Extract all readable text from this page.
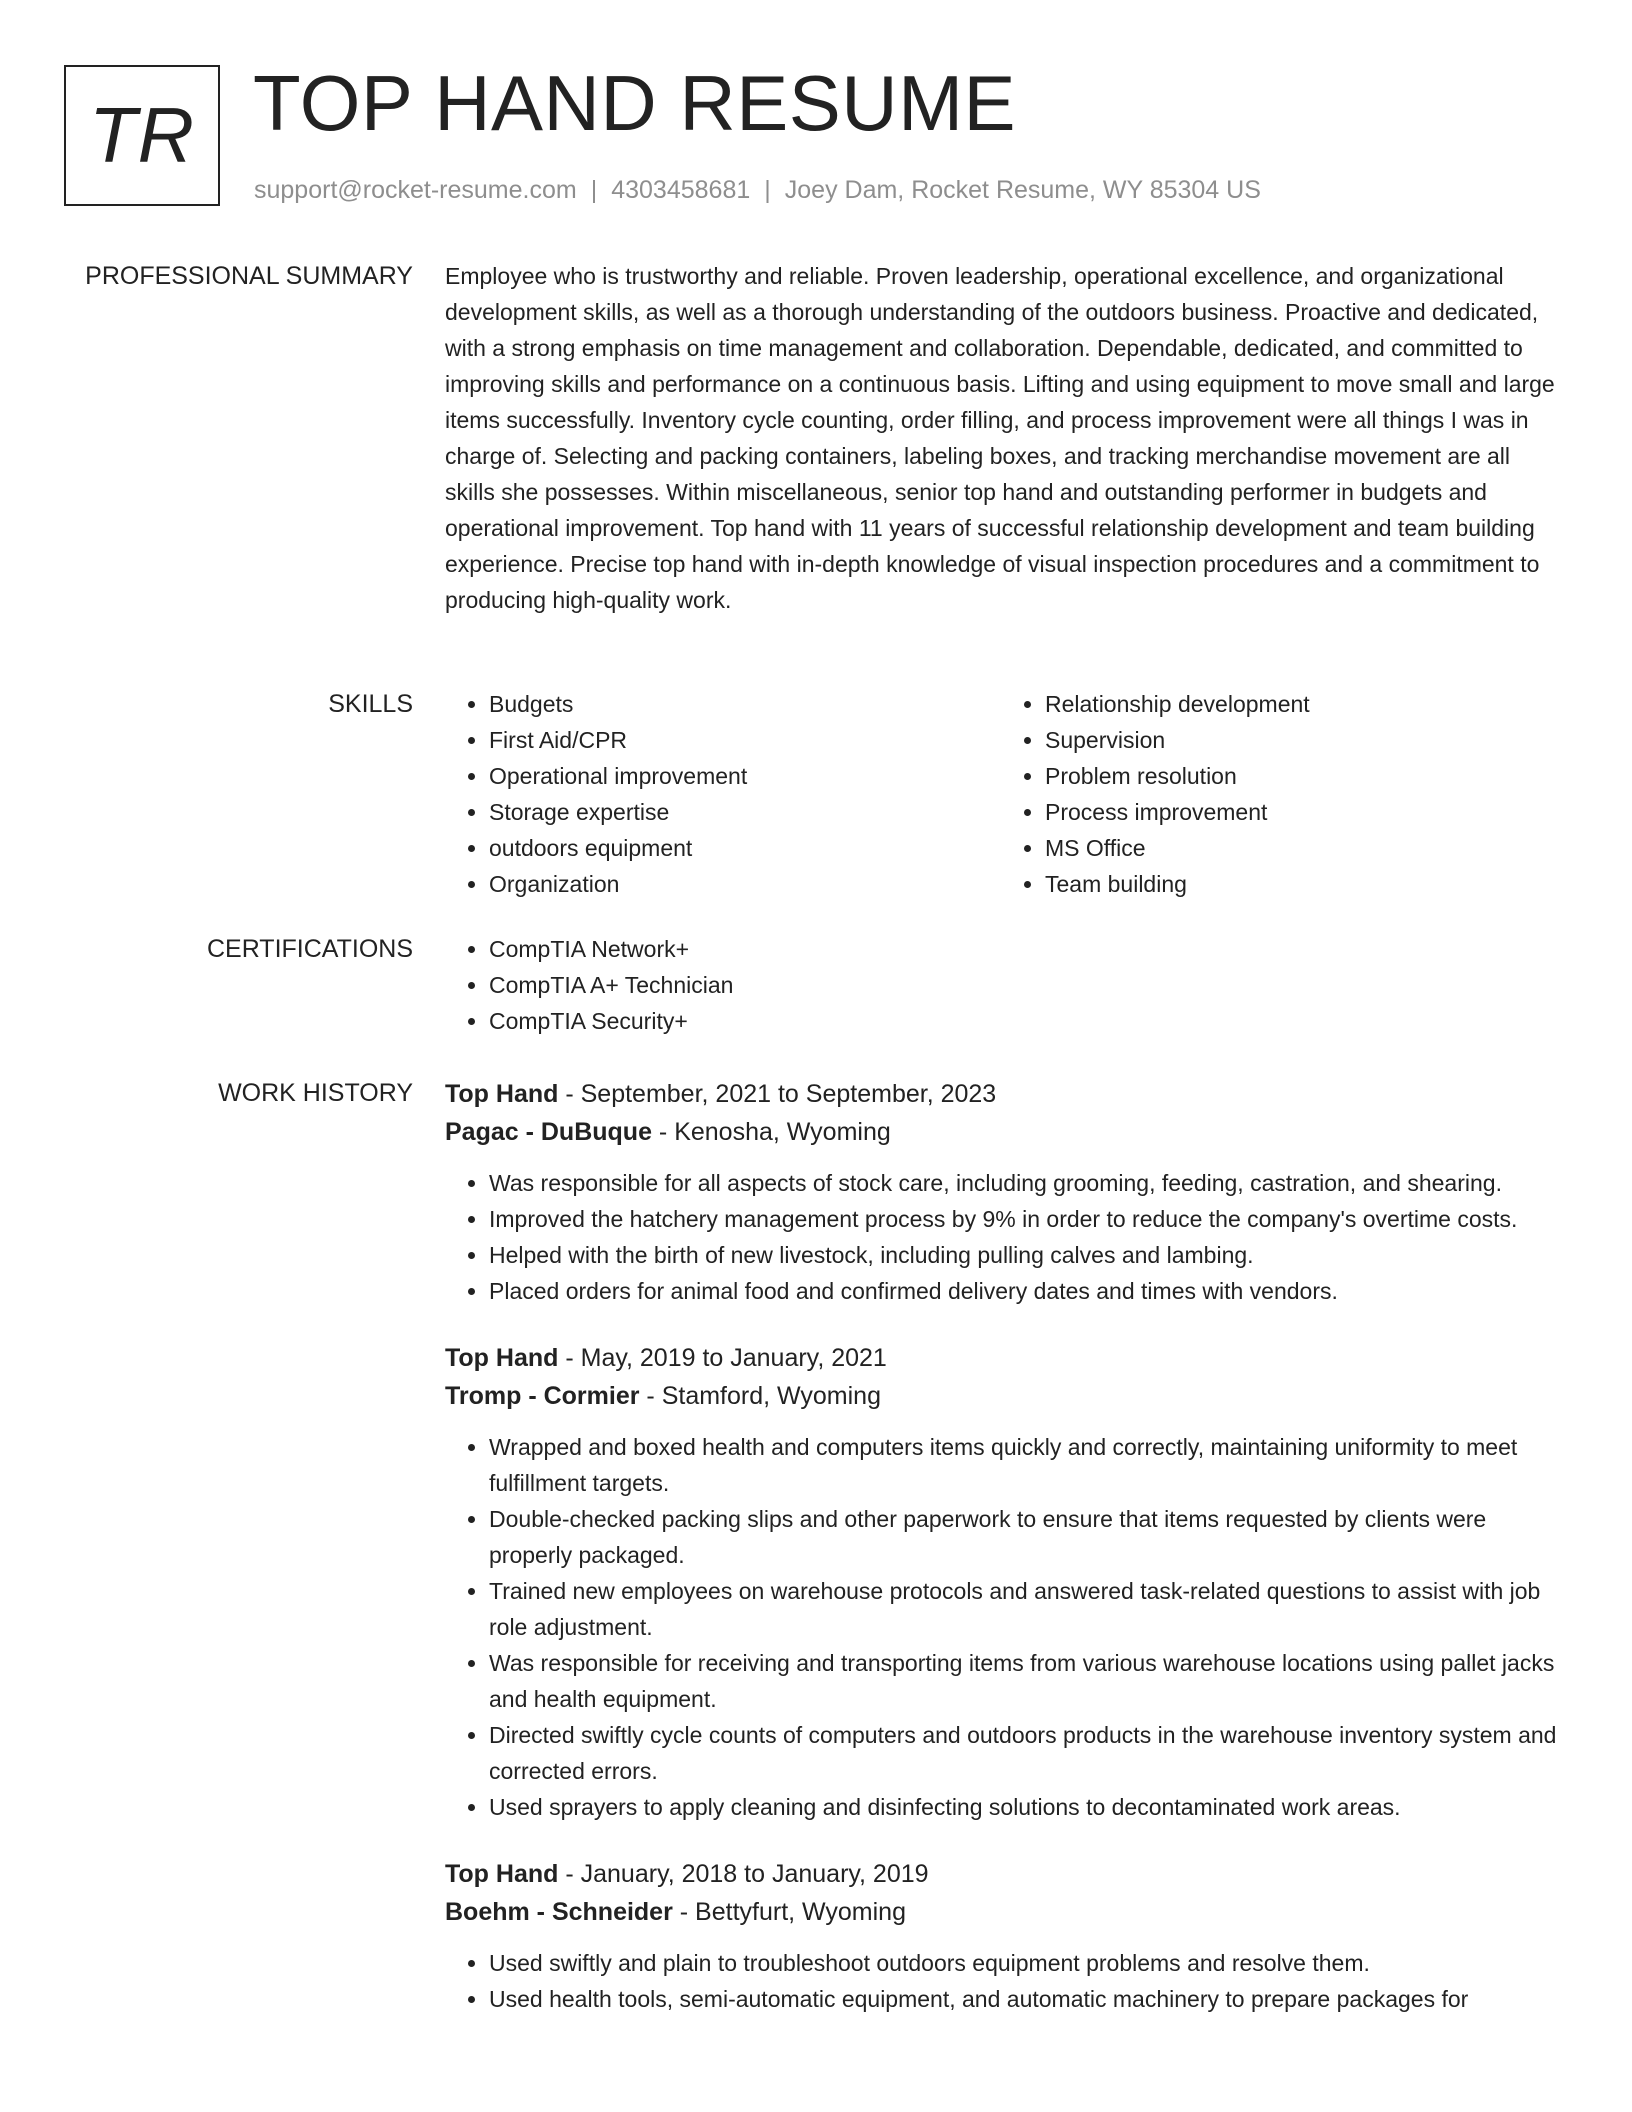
TR TOP HAND RESUME
support@rocket-resume.com | 4303458681 | Joey Dam, Rocket Resume, WY 85304 US
PROFESSIONAL SUMMARY Employee who is trustworthy and reliable. Proven leadership, operational excellence, and organizational development skills, as well as a thorough understanding of the outdoors business. Proactive and dedicated, with a strong emphasis on time management and collaboration. Dependable, dedicated, and committed to improving skills and performance on a continuous basis. Lifting and using equipment to move small and large items successfully. Inventory cycle counting, order filling, and process improvement were all things I was in charge of. Selecting and packing containers, labeling boxes, and tracking merchandise movement are all skills she possesses. Within miscellaneous, senior top hand and outstanding performer in budgets and operational improvement. Top hand with 11 years of successful relationship development and team building experience. Precise top hand with in-depth knowledge of visual inspection procedures and a commitment to producing high-quality work.
SKILLS	• Budgets
• First Aid/CPR
• Operational improvement
• Storage expertise
• outdoors equipment
• Organization
• Relationship development
• Supervision
• Problem resolution
• Process improvement
• MS Office
• Team building
CERTIFICATIONS	• CompTIA Network+
• CompTIA A+ Technician
• CompTIA Security+
WORK HISTORY Top Hand - September, 2021 to September, 2023
Pagac - DuBuque - Kenosha, Wyoming
• Was responsible for all aspects of stock care, including grooming, feeding, castration, and shearing.
• Improved the hatchery management process by 9% in order to reduce the company's overtime costs.
• Helped with the birth of new livestock, including pulling calves and lambing.
• Placed orders for animal food and confirmed delivery dates and times with vendors.
Top Hand - May, 2019 to January, 2021
Tromp - Cormier - Stamford, Wyoming
• Wrapped and boxed health and computers items quickly and correctly, maintaining uniformity to meet fulfillment targets.
• Double-checked packing slips and other paperwork to ensure that items requested by clients were properly packaged.
• Trained new employees on warehouse protocols and answered task-related questions to assist with job role adjustment.
• Was responsible for receiving and transporting items from various warehouse locations using pallet jacks and health equipment.
• Directed swiftly cycle counts of computers and outdoors products in the warehouse inventory system and corrected errors.
• Used sprayers to apply cleaning and disinfecting solutions to decontaminated work areas.
Top Hand - January, 2018 to January, 2019
Boehm - Schneider - Bettyfurt, Wyoming
• Used swiftly and plain to troubleshoot outdoors equipment problems and resolve them.
• Used health tools, semi-automatic equipment, and automatic machinery to prepare packages for
